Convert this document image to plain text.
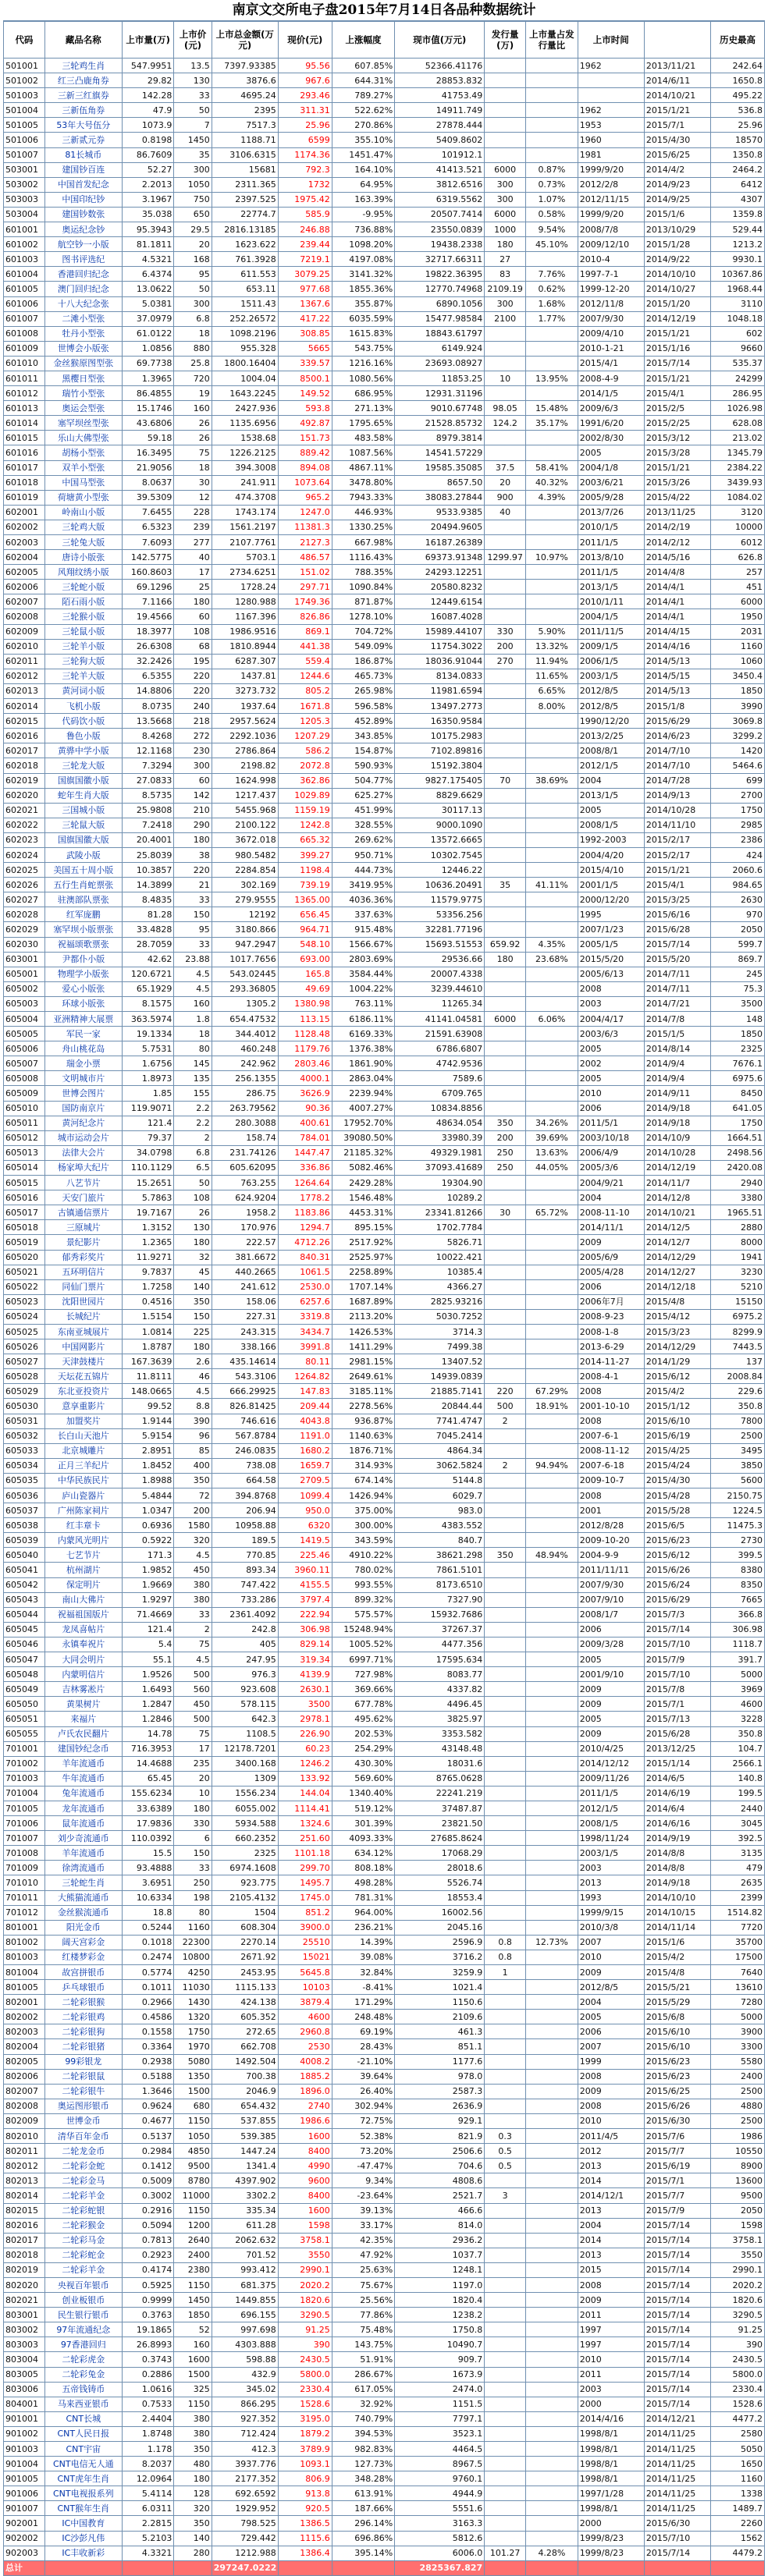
南京文交所电子盘2015年7月14日各品种数据统计
代码	藏品名称	上市量(万)	上市价(元)	上市总金额(万元)	现价(元)	上涨幅度	现市值(万元)	发行量(万)	上市量占发行量比	上市时间		历史最高
501001	三轮鸡生肖	547.9951	13.5	7397.93385	95.56	607.85%	52366.41176			1962	2013/11/21	242.64
501002	红三凸鹿角券	29.82	130	3876.6	967.6	644.31%	28853.832				2014/6/11	1650.8
501003	三新三红旗券	142.28	33	4695.24	293.46	789.27%	41753.49				2014/10/21	495.22
501004	三新伍角券	47.9	50	2395	311.31	522.62%	14911.749			1962	2015/1/21	536.8
501005	53年大号伍分	1073.9	7	7517.3	25.96	270.86%	27878.444			1953	2015/7/1	25.96
501006	三新贰元券	0.8198	1450	1188.71	6599	355.10%	5409.8602			1960	2015/4/30	18570
501007	81长城币	86.7609	35	3106.6315	1174.36	1451.47%	101912.1			1981	2015/6/25	1350.8
503001	建国钞百连	52.27	300	15681	792.3	164.10%	41413.521	6000	0.87%	1999/9/20	2014/4/2	2464.2
503002	中国首发纪念	2.2013	1050	2311.365	1732	64.95%	3812.6516	300	0.73%	2012/2/8	2014/9/23	6412
503003	中国印纪钞	3.1967	750	2397.525	1975.42	163.39%	6319.5562	300	1.07%	2012/11/15	2014/9/25	4307
503004	建国钞数张	35.038	650	22774.7	585.9	-9.95%	20507.7414	6000	0.58%	1999/9/20	2015/1/6	1359.8
601001	奥运纪念钞	95.3943	29.5	2816.13185	246.88	736.88%	23550.0839	1000	9.54%	2008/7/8	2013/10/29	529.44
601002	航空钞一小版	81.1811	20	1623.622	239.44	1098.20%	19438.2338	180	45.10%	2009/12/10	2015/1/28	1213.2
601003	图书评选纪	4.5321	168	761.3928	7219.1	4197.08%	32717.66311	27		2010-4	2014/9/22	9930.1
601004	香港回归纪念	6.4374	95	611.553	3079.25	3141.32%	19822.36395	83	7.76%	1997-7-1	2014/10/10	10367.86
601005	澳门回归纪念	13.0622	50	653.11	977.68	1855.36%	12770.74968	2109.19	0.62%	1999-12-20	2014/10/27	1968.44
601006	十八大纪念张	5.0381	300	1511.43	1367.6	355.87%	6890.1056	300	1.68%	2012/11/8	2015/1/20	3110
601007	二滩小型张	37.0979	6.8	252.26572	417.22	6035.59%	15477.98584	2100	1.77%	2007/9/30	2014/12/19	1048.18
601008	牡丹小型张	61.0122	18	1098.2196	308.85	1615.83%	18843.61797			2009/4/10	2015/1/21	602
601009	世博会小版张	1.0856	880	955.328	5665	543.75%	6149.924			2010-1-21	2015/1/16	9660
601010	金丝猴原图型张	69.7738	25.8	1800.16404	339.57	1216.16%	23693.08927			2015/4/1	2015/7/14	535.37
601011	黑樱日型张	1.3965	720	1004.04	8500.1	1080.56%	11853.25	10	13.95%	2008-4-9	2015/1/21	24299
601012	瑞竹小型张	86.4855	19	1643.2245	149.52	686.95%	12931.31196			2014/1/5	2015/4/1	286.95
601013	奥运会型张	15.1746	160	2427.936	593.8	271.13%	9010.67748	98.05	15.48%	2009/6/3	2015/2/5	1026.98
601014	塞罕坝丝型张	43.6806	26	1135.6956	492.87	1795.65%	21528.85732	124.2	35.17%	1991/6/20	2015/2/25	628.08
601015	乐山大佛型张	59.18	26	1538.68	151.73	483.58%	8979.3814			2002/8/30	2015/3/12	213.02
601016	胡杨小型张	16.3495	75	1226.2125	889.42	1087.56%	14541.57229			2005	2015/3/28	1345.79
601017	双羊小型张	21.9056	18	394.3008	894.08	4867.11%	19585.35085	37.5	58.41%	2004/1/8	2015/1/21	2384.22
601018	中国马型张	8.0637	30	241.911	1073.64	3478.80%	8657.50	20	40.32%	2003/6/21	2015/3/26	3439.93
601019	荷塘黄小型张	39.5309	12	474.3708	965.2	7943.33%	38083.27844	900	4.39%	2005/9/28	2015/4/22	1084.02
602001	岭南山小版	7.6455	228	1743.174	1247.0	446.93%	9533.9385	40		2013/7/26	2013/11/25	3120
602002	三轮鸡大版	6.5323	239	1561.2197	11381.3	1330.25%	20494.9605			2010/1/5	2014/2/19	10000
602003	三轮兔大版	7.6093	277	2107.7761	2127.3	667.98%	16187.26389			2011/1/5	2014/2/12	6012
602004	唐诗小版张	142.5775	40	5703.1	486.57	1116.43%	69373.91348	1299.97	10.97%	2013/8/10	2014/5/16	626.8
602005	风翔纹绣小版	160.8603	17	2734.6251	151.02	788.35%	24293.12251			2011/1/5	2014/4/8	257
602006	三轮蛇小版	69.1296	25	1728.24	297.71	1090.84%	20580.8232			2013/1/5	2014/4/1	451
602007	陌石雨小版	7.1166	180	1280.988	1749.36	871.87%	12449.6154			2010/1/11	2014/4/1	6000
602008	三轮猴小版	19.4566	60	1167.396	826.86	1278.10%	16087.4028			2004/1/5	2014/4/1	1950
602009	三轮鼠小版	18.3977	108	1986.9516	869.1	704.72%	15989.44107	330	5.90%	2011/11/5	2014/4/15	2031
602010	三轮羊小版	26.6308	68	1810.8944	441.38	549.09%	11754.3022	200	13.32%	2009/1/5	2014/4/16	1160
602011	三轮狗大版	32.2426	195	6287.307	559.4	186.87%	18036.91044	270	11.94%	2006/1/5	2014/5/13	1060
602012	三轮羊大版	6.5355	220	1437.81	1244.6	465.73%	8134.0833		11.65%	2003/1/5	2014/5/15	3450.4
602013	黄河词小版	14.8806	220	3273.732	805.2	265.98%	11981.6594		6.65%	2012/8/5	2014/5/13	1850
602014	飞机小版	8.0735	240	1937.64	1671.8	596.58%	13497.2773		8.00%	2012/8/5	2015/1/8	3990
602015	代码饮小版	13.5668	218	2957.5624	1205.3	452.89%	16350.9584			1990/12/20	2015/6/29	3069.8
602016	鲁色小版	8.4268	272	2292.1036	1207.29	343.85%	10175.2983			2013/2/25	2014/6/23	3299.2
602017	黄骅中学小版	12.1168	230	2786.864	586.2	154.87%	7102.89816			2008/8/1	2014/7/10	1420
602018	三轮龙大版	7.3294	300	2198.82	2072.8	590.93%	15192.3804			2012/1/5	2014/7/10	5464.6
602019	国旗国徽小版	27.0833	60	1624.998	362.86	504.77%	9827.175405	70	38.69%	2004	2014/7/28	699
602020	蛇年生肖大版	8.5735	142	1217.437	1029.89	625.27%	8829.6629			2013/1/5	2014/9/13	2700
602021	三国城小版	25.9808	210	5455.968	1159.19	451.99%	30117.13			2005	2014/10/28	1750
602022	三轮鼠大版	7.2418	290	2100.122	1242.8	328.55%	9000.1090			2008/1/5	2014/11/10	2985
602023	国旗国徽大版	20.4001	180	3672.018	665.32	269.62%	13572.6665			1992-2003	2015/2/17	2386
602024	武陵小版	25.8039	38	980.5482	399.27	950.71%	10302.7545			2004/4/20	2015/2/17	424
602025	美国五十周小版	10.3857	220	2284.854	1198.4	444.73%	12446.22			2015/4/10	2015/1/21	2060.6
602026	五行生肖蛇票张	14.3899	21	302.169	739.19	3419.95%	10636.20491	35	41.11%	2001/1/5	2015/4/1	984.65
602027	驻澳部队票张	8.4835	33	279.9555	1365.00	4036.36%	11579.9775			2000/12/20	2015/3/25	2630
602028	红军庞鹏	81.28	150	12192	656.45	337.63%	53356.256			1995	2015/6/16	970
602029	塞罕坝小版票张	33.4828	95	3180.866	964.71	915.48%	32281.77196			2007/1/23	2015/6/28	2050
602030	祝福颂歌票张	28.7059	33	947.2947	548.10	1566.67%	15693.51553	659.92	4.35%	2005/1/5	2015/7/14	599.7
603001	尹都仆小版	42.62	23.88	1017.7656	693.00	2803.69%	29536.66	180	23.68%	2015/5/20	2015/5/20	869.7
605001	物理学小版张	120.6721	4.5	543.02445	165.8	3584.44%	20007.4338			2005/6/13	2014/7/11	245
605002	爱心小版张	65.1929	4.5	293.36805	49.69	1004.22%	3239.44610			2008	2014/7/11	75.3
605003	环球小版张	8.1575	160	1305.2	1380.98	763.11%	11265.34			2003	2014/7/21	3500
605004	亚洲精神大展票	363.5974	1.8	654.47532	113.15	6186.11%	41141.04581	6000	6.06%	2004/4/17	2014/7/8	148
605005	军民一家	19.1334	18	344.4012	1128.48	6169.33%	21591.63908			2003/6/3	2015/1/5	1850
605006	舟山桃花岛	5.7531	80	460.248	1179.76	1376.38%	6786.6807			2005	2014/8/14	2325
605007	瑞金小票	1.6756	145	242.962	2803.46	1861.90%	4742.9536			2002	2014/9/4	7676.1
605008	文明城市片	1.8973	135	256.1355	4000.1	2863.04%	7589.6			2005	2014/9/4	6975.6
605009	世博会图片	1.85	155	286.75	3626.9	2239.94%	6709.765			2010	2014/9/11	8450
605010	国防南京片	119.9071	2.2	263.79562	90.36	4007.27%	10834.8856			2006	2014/9/18	641.05
605011	黄河纪念片	121.4	2.2	280.3088	400.61	17952.70%	48634.054	350	34.26%	2011/5/1	2014/9/18	1750
605012	城市运动会片	79.37	2	158.74	784.01	39080.50%	33980.39	200	39.69%	2003/10/18	2014/10/9	1664.51
605013	法律大会片	34.0798	6.8	231.74126	1447.47	21185.32%	49329.1981	250	13.63%	2006/4/9	2014/10/28	2498.56
605014	杨家埠大纪片	110.1129	6.5	605.62095	336.86	5082.46%	37093.41689	250	44.05%	2005/3/6	2014/12/19	2420.08
605015	八艺节片	15.2651	50	763.255	1264.64	2429.28%	19304.90			2004/9/21	2014/11/7	2940
605016	天安门旅片	5.7863	108	624.9204	1778.2	1546.48%	10289.2			2004	2014/12/8	3380
605017	古镇通信票片	19.7167	26	1958.2	1183.86	4453.31%	23341.81266	30	65.72%	2008-11-10	2014/10/21	1965.51
605018	三原城片	1.3152	130	170.976	1294.7	895.15%	1702.7784			2014/11/1	2014/12/5	2880
605019	景纪影片	1.2365	180	222.57	4712.26	2517.92%	5826.71			2009	2014/12/7	8000
605020	郁秀彩奖片	11.9271	32	381.6672	840.31	2525.97%	10022.421			2005/6/9	2014/12/29	1941
605021	五环明信片	9.7837	45	440.2665	1061.5	2258.89%	10385.4			2005/4/28	2014/12/27	3230
605022	同仙门票片	1.7258	140	241.612	2530.0	1707.14%	4366.27			2006	2014/12/18	5210
605023	沈阳世园片	0.4516	350	158.06	6257.6	1687.89%	2825.93216			2006年7月	2015/4/8	15150
605024	长城纪片	1.5154	150	227.31	3319.8	2113.20%	5030.7252			2008-9-23	2015/4/12	6975.2
605025	东南亚城展片	1.0814	225	243.315	3434.7	1426.53%	3714.3			2008-1-8	2015/3/23	8299.9
605026	中国网影片	1.8787	180	338.166	3991.8	1411.29%	7499.38			2013-6-29	2014/12/29	7443.5
605027	天津鼓楼片	167.3639	2.6	435.14614	80.11	2981.15%	13407.52			2014-11-27	2014/1/29	137
605028	天坛花五锦片	11.8111	46	543.3106	1264.82	2649.61%	14939.0839			2008-4-1	2015/6/12	2008.84
605029	东北亚投资片	148.0665	4.5	666.29925	147.83	3185.11%	21885.7141	220	67.29%	2008	2015/4/2	229.6
605030	意享重影片	99.52	8.8	826.81425	209.44	2278.56%	20844.44	500	18.91%	2001-10-10	2015/1/12	350.8
605031	加盟奖片	1.9144	390	746.616	4043.8	936.87%	7741.4747	2		2008	2015/6/10	7800
605032	长白山天池片	5.9154	96	567.8784	1191.0	1140.63%	7045.2414			2007-6-1	2015/6/19	2500
605033	北京城雕片	2.8951	85	246.0835	1680.2	1876.71%	4864.34			2008-11-12	2015/4/25	3495
605034	正月三羊纪片	1.8452	400	738.08	1659.7	314.93%	3062.5824	2	94.94%	2007-6-18	2015/4/24	3850
605035	中华民族民片	1.8988	350	664.58	2709.5	674.14%	5144.8			2009-10-7	2015/4/30	5600
605036	庐山瓷器片	5.4844	72	394.8768	1099.4	1426.94%	6029.7			2008	2015/4/28	2150.75
605037	广州陈家祠片	1.0347	200	206.94	950.0	375.00%	983.0			2001	2015/5/28	1224.5
605038	红丰章卡	0.6936	1580	10958.88	6320	300.00%	4383.552			2012/8/28	2015/6/5	11475.3
605039	内蒙风光明片	0.5922	320	189.5	1419.5	343.59%	840.7			2009-10-20	2015/6/23	2730
605040	七艺节片	171.3	4.5	770.85	225.46	4910.22%	38621.298	350	48.94%	2004-9-9	2015/6/12	399.5
605041	杭州湖片	1.9852	450	893.34	3960.11	780.02%	7861.5101			2011/11/11	2015/6/26	8380
605042	保定明片	1.9669	380	747.422	4155.5	993.55%	8173.6510			2007/9/30	2015/6/24	8350
605043	南山大佛片	1.9297	380	733.286	3797.4	899.32%	7327.90			2007/9/10	2015/6/29	7665
605044	祝福祖国版片	71.4669	33	2361.4092	222.94	575.57%	15932.7686			2008/1/7	2015/7/3	366.8
605045	龙凤喜帖片	121.4	2	242.8	306.98	15248.94%	37267.37			2006	2015/7/14	306.98
605046	永镇奉祝片	5.4	75	405	829.14	1005.52%	4477.356			2009/3/28	2015/7/10	1118.7
605047	大同会明片	55.1	4.5	247.95	319.34	6997.71%	17595.634			2005	2015/7/9	391.7
605048	内蒙明信片	1.9526	500	976.3	4139.9	727.98%	8083.77			2001/9/10	2015/7/10	5000
605049	吉林雾凇片	1.6493	560	923.608	2630.1	369.66%	4337.82			2009	2015/7/8	3969
605050	黄果树片	1.2847	450	578.115	3500	677.78%	4496.45			2009	2015/7/1	4600
605051	来福片	1.2846	500	642.3	2978.1	495.62%	3825.97			2005	2015/7/13	3228
605055	卢氏农民翻片	14.78	75	1108.5	226.90	202.53%	3353.582			2009	2015/6/28	350.8
701001	建国钞纪念币	716.3953	17	12178.7201	60.23	254.29%	43148.48			2010/4/25	2013/12/25	104.7
701002	羊年流通币	14.4688	235	3400.168	1246.2	430.30%	18031.6			2014/12/12	2015/1/14	2566.1
701003	牛年流通币	65.45	20	1309	133.92	569.60%	8765.0628			2009/11/26	2014/6/5	140.8
701004	兔年流通币	155.6234	10	1556.234	144.04	1340.40%	22241.219			2011/1/5	2014/6/19	199.5
701005	龙年流通币	33.6389	180	6055.002	1114.41	519.12%	37487.87			2012/1/5	2014/6/4	2440
701006	鼠年流通币	17.9836	330	5934.588	1324.6	301.39%	23821.50			2008/1/5	2014/6/16	3045
701007	刘少奇流通币	110.0392	6	660.2352	251.60	4093.33%	27685.8624			1998/11/24	2014/9/19	392.5
701008	羊年流通币	15.5	150	2325	1101.18	634.12%	17068.29			2003/1/5	2014/8/8	3135
701009	徐湾流通币	93.4888	33	6974.1608	299.70	808.18%	28018.6			2003	2014/8/8	479
701010	三轮蛇生肖	3.6951	250	923.775	1495.7	498.28%	5526.74			2013	2014/9/18	2635
701011	大熊猫流通币	10.6334	198	2105.4132	1745.0	781.31%	18553.4			1993	2014/10/10	2399
701012	金丝猴流通币	18.8	80	1504	851.2	964.00%	16002.56			1999/9/15	2014/10/15	1514.82
801001	阳光金币	0.5244	1160	608.304	3900.0	236.21%	2045.16			2010/3/8	2014/11/14	7720
801002	阔天宫彩金	0.1018	22300	2270.14	25510	14.39%	2596.9	0.8	12.73%	2007	2015/1/6	35700
801003	红楼梦彩金	0.2474	10800	2671.92	15021	39.08%	3716.2	0.8		2010	2015/4/2	17500
801004	故宫拼银币	0.5774	4250	2453.95	5645.8	32.84%	3259.9	1		2009	2015/4/8	7640
801005	乒乓球银币	0.1011	11030	1115.133	10103	-8.41%	1021.4			2012/8/5	2015/5/21	13610
802001	二轮彩银猴	0.2966	1430	424.138	3879.4	171.29%	1150.6			2004	2015/5/29	7280
802002	二轮彩银鸡	0.4586	1320	605.352	4600	248.48%	2109.6			2005	2015/6/8	5000
802003	二轮彩银狗	0.1558	1750	272.65	2960.8	69.19%	461.3			2006	2015/6/10	3900
802004	二轮彩银猪	0.3364	1970	662.708	2530	28.43%	851.1			2007	2015/6/10	3300
802005	99彩银龙	0.2938	5080	1492.504	4008.2	-21.10%	1177.6			1999	2015/6/23	5580
802006	二轮彩银鼠	0.5188	1350	700.38	1885.2	39.64%	978.0			2008	2015/6/23	2400
802007	二轮彩银牛	1.3646	1500	2046.9	1896.0	26.40%	2587.3			2009	2015/6/25	2500
802008	奥运图形银币	0.9624	680	654.432	2740	302.94%	2636.9			2008	2015/6/26	4880
802009	世博金币	0.4677	1150	537.855	1986.6	72.75%	929.1			2010	2015/6/30	2500
802010	清华百年金币	0.5137	1050	539.385	1600	52.38%	821.9	0.3		2011/4/5	2015/7/6	1986
802011	二轮龙金币	0.2984	4850	1447.24	8400	73.20%	2506.6	0.5		2012	2015/7/7	10550
802012	二轮彩金蛇	0.1412	9500	1341.4	4990	-47.47%	704.6	0.5		2013	2015/6/19	8900
802013	二轮彩金马	0.5009	8780	4397.902	9600	9.34%	4808.6			2014	2015/7/1	13600
802014	二轮彩羊金	0.3002	11000	3302.2	8400	-23.64%	2521.7	3		2014/12/1	2015/7/7	9500
802015	二轮彩蛇银	0.2916	1150	335.34	1600	39.13%	466.6			2013	2015/7/9	2050
802016	二轮彩猴金	0.5094	1200	611.28	1598	33.17%	814.0			2004	2015/7/14	1598
802017	二轮彩马金	0.7813	2640	2062.632	3758.1	42.35%	2936.2			2014	2015/7/14	3758.1
802018	二轮彩蛇金	0.2923	2400	701.52	3550	47.92%	1037.7			2013	2015/7/14	3550
802019	二轮彩羊金	0.4174	2380	993.412	2990.1	25.63%	1248.1			2015	2015/7/14	2990.1
802020	央视百年银币	0.5925	1150	681.375	2020.2	75.67%	1197.0			2008	2015/7/14	2020.2
802021	创业板银币	0.9999	1450	1449.855	1820.6	25.56%	1820.4			2009	2015/7/14	1820.6
803001	民生银行银币	0.3763	1850	696.155	3290.5	77.86%	1238.2			2011	2015/7/14	3290.5
803002	97年流通纪念	19.1865	52	997.698	91.25	75.48%	1750.8			1997	2015/7/14	91.25
803003	97香港回归	26.8993	160	4303.888	390	143.75%	10490.7			1997	2015/7/14	390
803004	二轮彩虎金	0.3743	1600	598.88	2430.5	51.91%	909.7			2010	2015/7/14	2430.5
803005	二轮彩兔金	0.2886	1500	432.9	5800.0	286.67%	1673.9			2011	2015/7/14	5800.0
803006	五帝钱铸币	1.0616	325	345.02	2330.4	617.05%	2474.0			2003	2015/7/14	2330.4
804001	马来西亚银币	0.7533	1150	866.295	1528.6	32.92%	1151.5			2000	2015/7/14	1528.6
901001	CNT长城	2.4404	380	927.352	3195.0	740.79%	7797.1			2014/4/16	2014/12/21	4477.2
901002	CNT人民日报	1.8748	380	712.424	1879.2	394.53%	3523.1			1998/8/1	2014/11/25	2580
901003	CNT宇宙	1.178	350	412.3	3789.9	982.83%	4464.5			1998/8/1	2014/11/25	5050
901004	CNT电信无人通	8.2037	480	3937.776	1093.1	127.73%	8967.5			1998/8/1	2014/11/25	1650
901005	CNT虎年生肖	12.0964	180	2177.352	806.9	348.28%	9760.1			1998/8/1	2014/11/25	1160
901006	CNT电视报系列	5.4114	128	692.6592	913.8	613.91%	4944.9			1997/1/28	2014/11/25	1338
901007	CNT猴年生肖	6.0311	320	1929.952	920.5	187.66%	5551.6			1998/8/1	2014/11/25	1489.7
902001	IC中国教育	2.2815	350	798.525	1386.5	296.14%	3163.3			2000	2015/6/30	2260
902002	IC沙彭凡伟	5.2103	140	729.442	1115.6	696.86%	5812.6			1999/8/23	2015/7/10	1562
902003	IC丰收新彩	4.3321	280	1212.988	1386.4	395.14%	6006.0	101.27	4.28%	1999/8/23	2015/7/14	4479.2
总计				297247.0222			2825367.827					
